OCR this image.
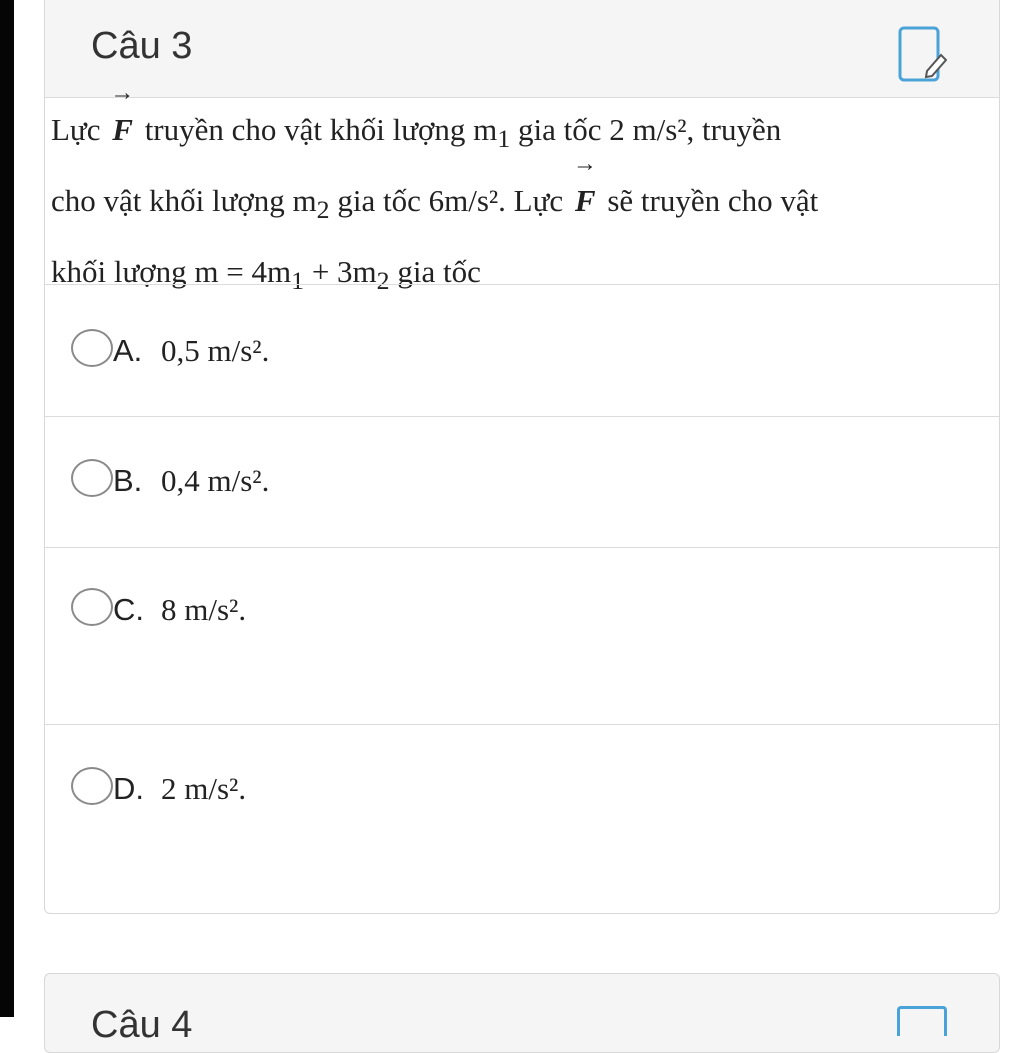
Câu 3
Lực
→
F truyền cho vật khối lượng $m_1$ gia tốc 2 m/s², truyền
cho vật khối lượng $m_2$ gia tốc 6m/s². Lực
→
F sẽ truyền cho vật
khối lượng $m = 4m_1 + 3m_2$ gia tốc
A. 0,5 m/s².
B. 0,4 m/s².
C. 8 m/s².
D. 2 m/s².
Câu 4
